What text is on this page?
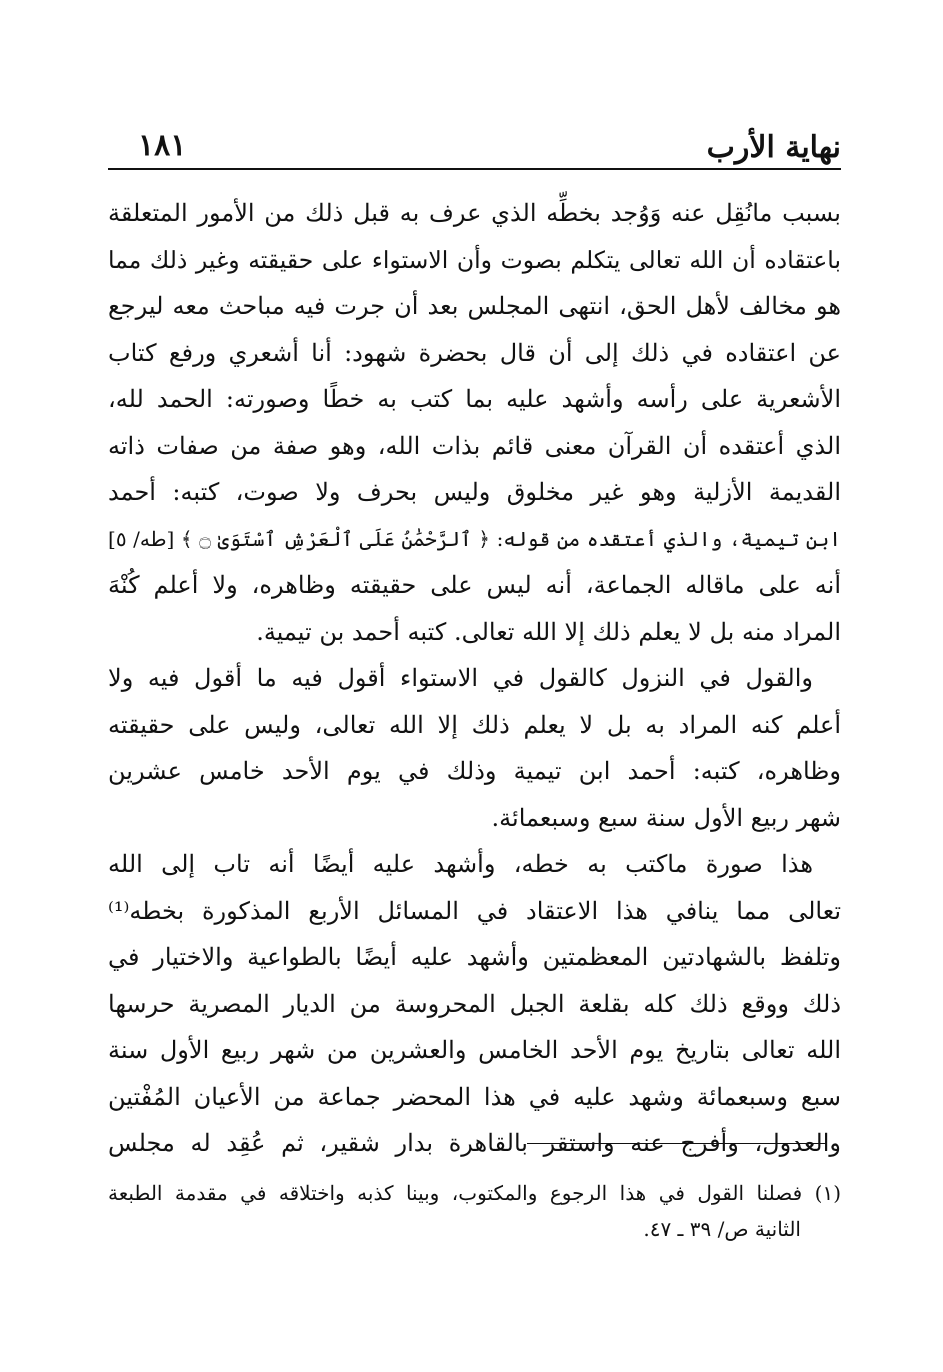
نهاية الأرب
١٨١
بسبب مانُقِل عنه وَوُجد بخطِّه الذي عرف به قبل ذلك من الأمور المتعلقة
باعتقاده أن الله تعالى يتكلم بصوت وأن الاستواء على حقيقته وغير ذلك مما
هو مخالف لأهل الحق، انتهى المجلس بعد أن جرت فيه مباحث معه ليرجع
عن اعتقاده في ذلك إلى أن قال بحضرة شهود: أنا أشعري ورفع كتاب
الأشعرية على رأسه وأشهد عليه بما كتب به خطًا وصورته: الحمد لله،
الذي أعتقده أن القرآن معنى قائم بذات الله، وهو صفة من صفات ذاته
القديمة الأزلية وهو غير مخلوق وليس بحرف ولا صوت، كتبه: أحمد
ابن تيمية، والذي أعتقده من قوله: ﴿ ٱلرَّحْمَٰنُ عَلَى ٱلْعَرْشِ ٱسْتَوَىٰ ۝ ﴾ [طه/ ٥]
أنه على ماقاله الجماعة، أنه ليس على حقيقته وظاهره، ولا أعلم كُنْهَ
المراد منه بل لا يعلم ذلك إلا الله تعالى. كتبه أحمد بن تيمية.
والقول في النزول كالقول في الاستواء أقول فيه ما أقول فيه ولا
أعلم كنه المراد به بل لا يعلم ذلك إلا الله تعالى، وليس على حقيقته
وظاهره، كتبه: أحمد ابن تيمية وذلك في يوم الأحد خامس عشرين
شهر ربيع الأول سنة سبع وسبعمائة.
هذا صورة ماكتب به خطه، وأشهد عليه أيضًا أنه تاب إلى الله
تعالى مما ينافي هذا الاعتقاد في المسائل الأربع المذكورة بخطه⁽¹⁾
وتلفظ بالشهادتين المعظمتين وأشهد عليه أيضًا بالطواعية والاختيار في
ذلك ووقع ذلك كله بقلعة الجبل المحروسة من الديار المصرية حرسها
الله تعالى بتاريخ يوم الأحد الخامس والعشرين من شهر ربيع الأول سنة
سبع وسبعمائة وشهد عليه في هذا المحضر جماعة من الأعيان المُفْتين
والعدول، وأفرج عنه واستقر بالقاهرة بدار شقير، ثم عُقِد له مجلس
(١) فصلنا القول في هذا الرجوع والمكتوب، وبينا كذبه واختلاقه في مقدمة الطبعة
الثانية ص/ ٣٩ ـ ٤٧.
